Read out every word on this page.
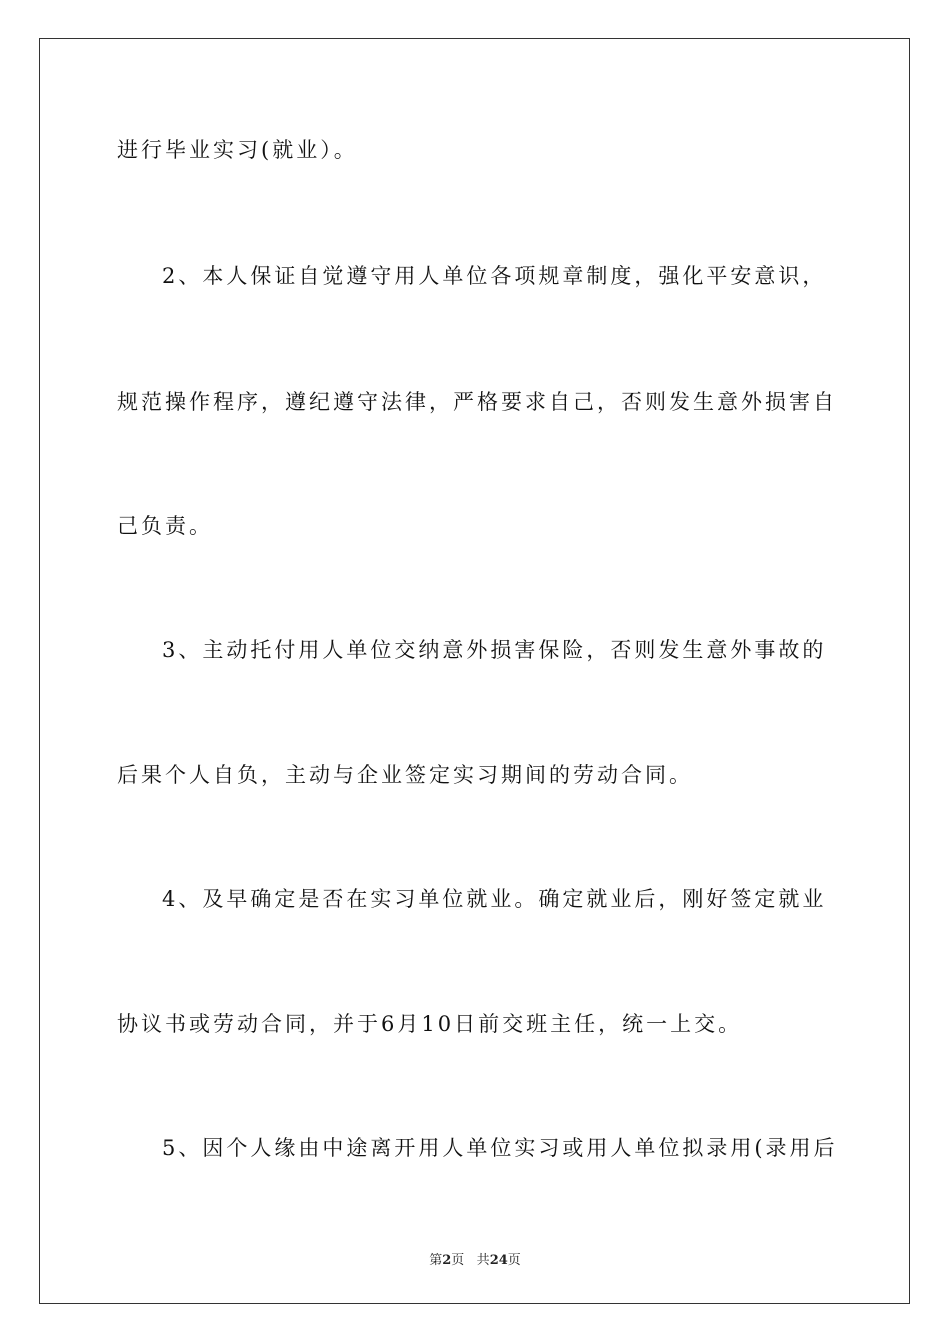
进行毕业实习(就业）。
2、本人保证自觉遵守用人单位各项规章制度，强化平安意识，
规范操作程序，遵纪遵守法律，严格要求自己，否则发生意外损害自
己负责。
3、主动托付用人单位交纳意外损害保险，否则发生意外事故的
后果个人自负，主动与企业签定实习期间的劳动合同。
4、及早确定是否在实习单位就业。确定就业后，刚好签定就业
协议书或劳动合同，并于6月10日前交班主任，统一上交。
5、因个人缘由中途离开用人单位实习或用人单位拟录用(录用后
第2页 共24页
